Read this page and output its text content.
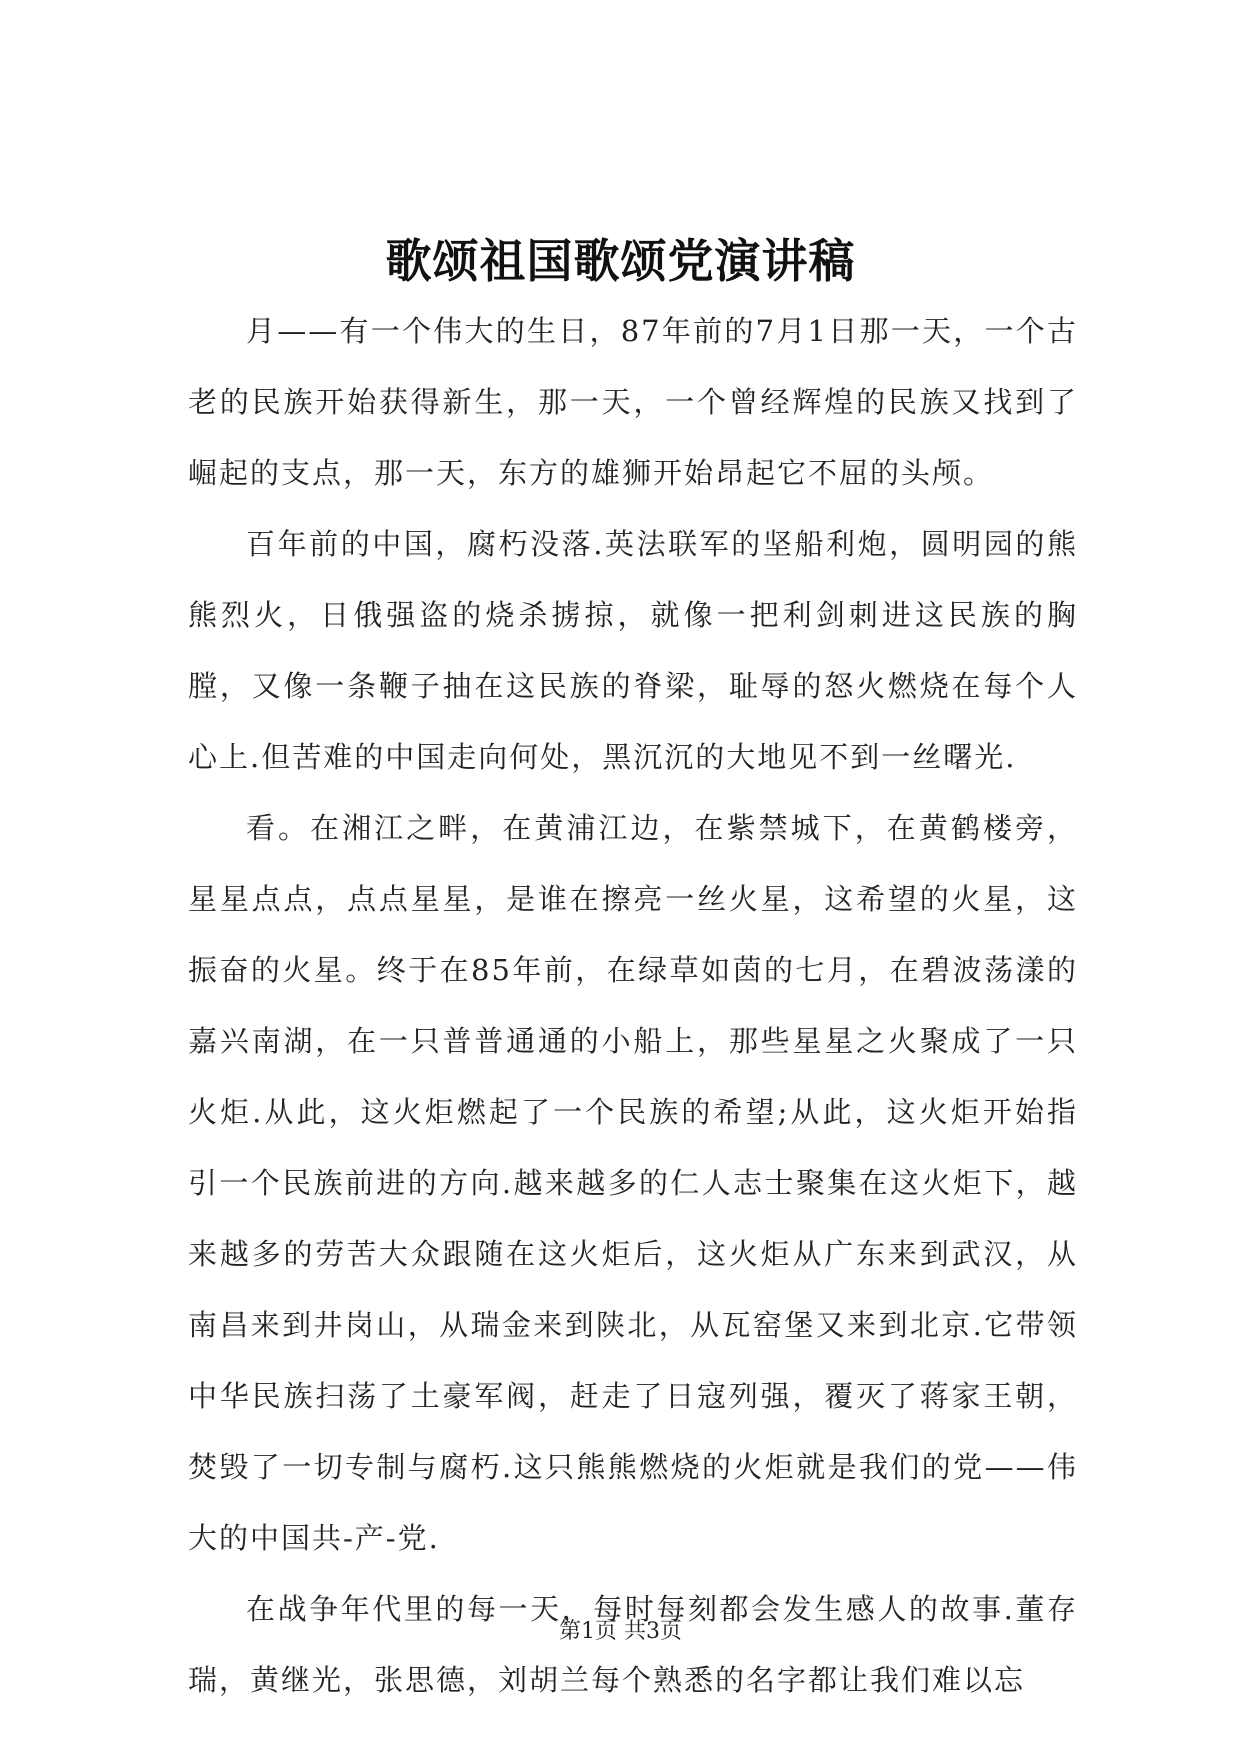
歌颂祖国歌颂党演讲稿

月——有一个伟大的生日，87年前的7月1日那一天，一个古老的民族开始获得新生，那一天，一个曾经辉煌的民族又找到了崛起的支点，那一天，东方的雄狮开始昂起它不屈的头颅。

百年前的中国，腐朽没落.英法联军的坚船利炮，圆明园的熊熊烈火，日俄强盗的烧杀掳掠，就像一把利剑刺进这民族的胸膛，又像一条鞭子抽在这民族的脊梁，耻辱的怒火燃烧在每个人心上.但苦难的中国走向何处，黑沉沉的大地见不到一丝曙光.

看。在湘江之畔，在黄浦江边，在紫禁城下，在黄鹤楼旁，星星点点，点点星星，是谁在擦亮一丝火星，这希望的火星，这振奋的火星。终于在85年前，在绿草如茵的七月，在碧波荡漾的嘉兴南湖，在一只普普通通的小船上，那些星星之火聚成了一只火炬.从此，这火炬燃起了一个民族的希望;从此，这火炬开始指引一个民族前进的方向.越来越多的仁人志士聚集在这火炬下，越来越多的劳苦大众跟随在这火炬后，这火炬从广东来到武汉，从南昌来到井岗山，从瑞金来到陕北，从瓦窑堡又来到北京.它带领中华民族扫荡了土豪军阀，赶走了日寇列强，覆灭了蒋家王朝，焚毁了一切专制与腐朽.这只熊熊燃烧的火炬就是我们的党——伟大的中国共-产-党.

在战争年代里的每一天，每时每刻都会发生感人的故事.董存瑞，黄继光，张思德，刘胡兰每个熟悉的名字都让我们难以忘

第1页 共3页
